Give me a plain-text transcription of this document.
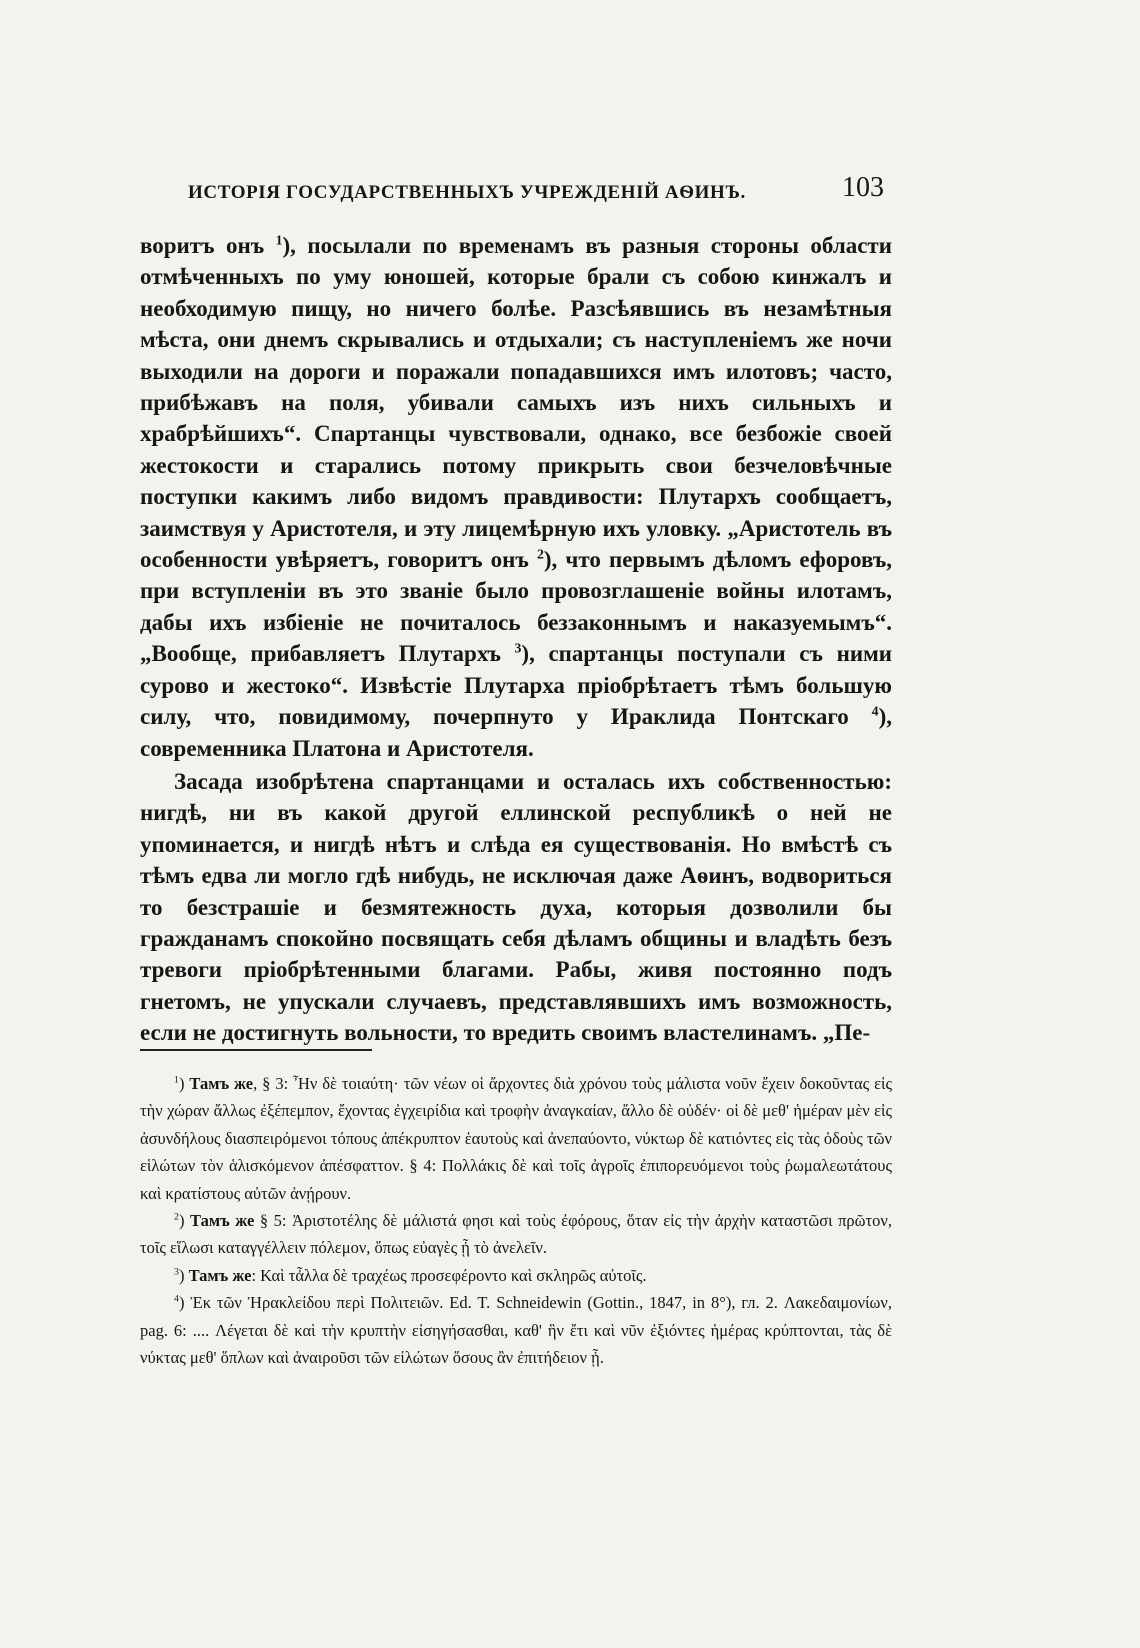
ИСТОРІЯ ГОСУДАРСТВЕННЫХЪ УЧРЕЖДЕНІЙ АѲИНЪ.	103

воритъ онъ $^1$), посылали по временамъ въ разныя стороны области отмѣченныхъ по уму юношей, которые брали съ собою кинжалъ и необходимую пищу, но ничего болѣе. Разсѣявшись въ незамѣтныя мѣста, они днемъ скрывались и отдыхали; съ наступленіемъ же ночи выходили на дороги и поражали попадавшихся имъ илотовъ; часто, прибѣжавъ на поля, убивали самыхъ изъ нихъ сильныхъ и храбрѣйшихъ“. Спартанцы чувствовали, однако, все безбожіе своей жестокости и старались потому прикрыть свои безчеловѣчные поступки какимъ либо видомъ правдивости: Плутархъ сообщаетъ, заимствуя у Аристотеля, и эту лицемѣрную ихъ уловку. „Аристотель въ особенности увѣряетъ, говоритъ онъ $^2$), что первымъ дѣломъ ефоровъ, при вступленіи въ это званіе было провозглашеніе войны илотамъ, дабы ихъ избіеніе не почиталось беззаконнымъ и наказуемымъ“. „Вообще, прибавляетъ Плутархъ $^3$), спартанцы поступали съ ними сурово и жестоко“. Извѣстіе Плутарха пріобрѣтаетъ тѣмъ большую силу, что, повидимому, почерпнуто у Ираклида Понтскаго $^4$), современника Платона и Аристотеля.

Засада изобрѣтена спартанцами и осталась ихъ собственностью: нигдѣ, ни въ какой другой еллинской республикѣ о ней не упоминается, и нигдѣ нѣтъ и слѣда ея существованія. Но вмѣстѣ съ тѣмъ едва ли могло гдѣ нибудь, не исключая даже Аѳинъ, водвориться то безстрашіе и безмятежность духа, которыя дозволили бы гражданамъ спокойно посвящать себя дѣламъ общины и владѣть безъ тревоги пріобрѣтенными благами. Рабы, живя постоянно подъ гнетомъ, не упускали случаевъ, представлявшихъ имъ возможность, если не достигнуть вольности, то вредить своимъ властелинамъ. „Пе-

$^1$) Тамъ же, § 3: Ἦν δὲ τοιαύτη· τῶν νέων οἱ ἄρχοντες διὰ χρόνου τοὺς μάλιστα νοῦν ἔχειν δοκοῦντας εἰς τὴν χώραν ἄλλως ἐξέπεμπον, ἔχοντας ἐγχειρίδια καὶ τροφὴν ἀναγκαίαν, ἄλλο δὲ οὐδέν· οἱ δὲ μεθ' ἡμέραν μὲν εἰς ἀσυνδήλους διασπειρόμενοι τόπους ἀπέκρυπτον ἑαυτοὺς καὶ ἀνεπαύοντο, νύκτωρ δὲ κατιόντες εἰς τὰς ὁδοὺς τῶν εἱλώτων τὸν ἁλισκόμενον ἀπέσφαττον. § 4: Πολλάκις δὲ καὶ τοῖς ἀγροῖς ἐπιπορευόμενοι τοὺς ῥωμαλεωτάτους καὶ κρατίστους αὐτῶν ἀνῄρουν.

$^2$) Тамъ же § 5: Ἀριστοτέλης δὲ μάλιστά φησι καὶ τοὺς ἐφόρους, ὅταν εἰς τὴν ἀρχὴν καταστῶσι πρῶτον, τοῖς εἵλωσι καταγγέλλειν πόλεμον, ὅπως εὐαγὲς ᾖ τὸ ἀνελεῖν.

$^3$) Тамъ же: Καὶ τἆλλα δὲ τραχέως προσεφέροντο καὶ σκληρῶς αὐτοῖς.

$^4$) Ἐκ τῶν Ἡρακλείδου περὶ Πολιτειῶν. Ed. T. Schneidewin (Gottin., 1847, in 8°), гл. 2. Λακεδαιμονίων, pag. 6: .... Λέγεται δὲ καὶ τὴν κρυπτὴν εἰσηγήσασθαι, καθ' ἣν ἔτι καὶ νῦν ἐξιόντες ἡμέρας κρύπτονται, τὰς δὲ νύκτας μεθ' ὅπλων καὶ ἀναιροῦσι τῶν εἱλώτων ὅσους ἂν ἐπιτήδειον ᾖ.
